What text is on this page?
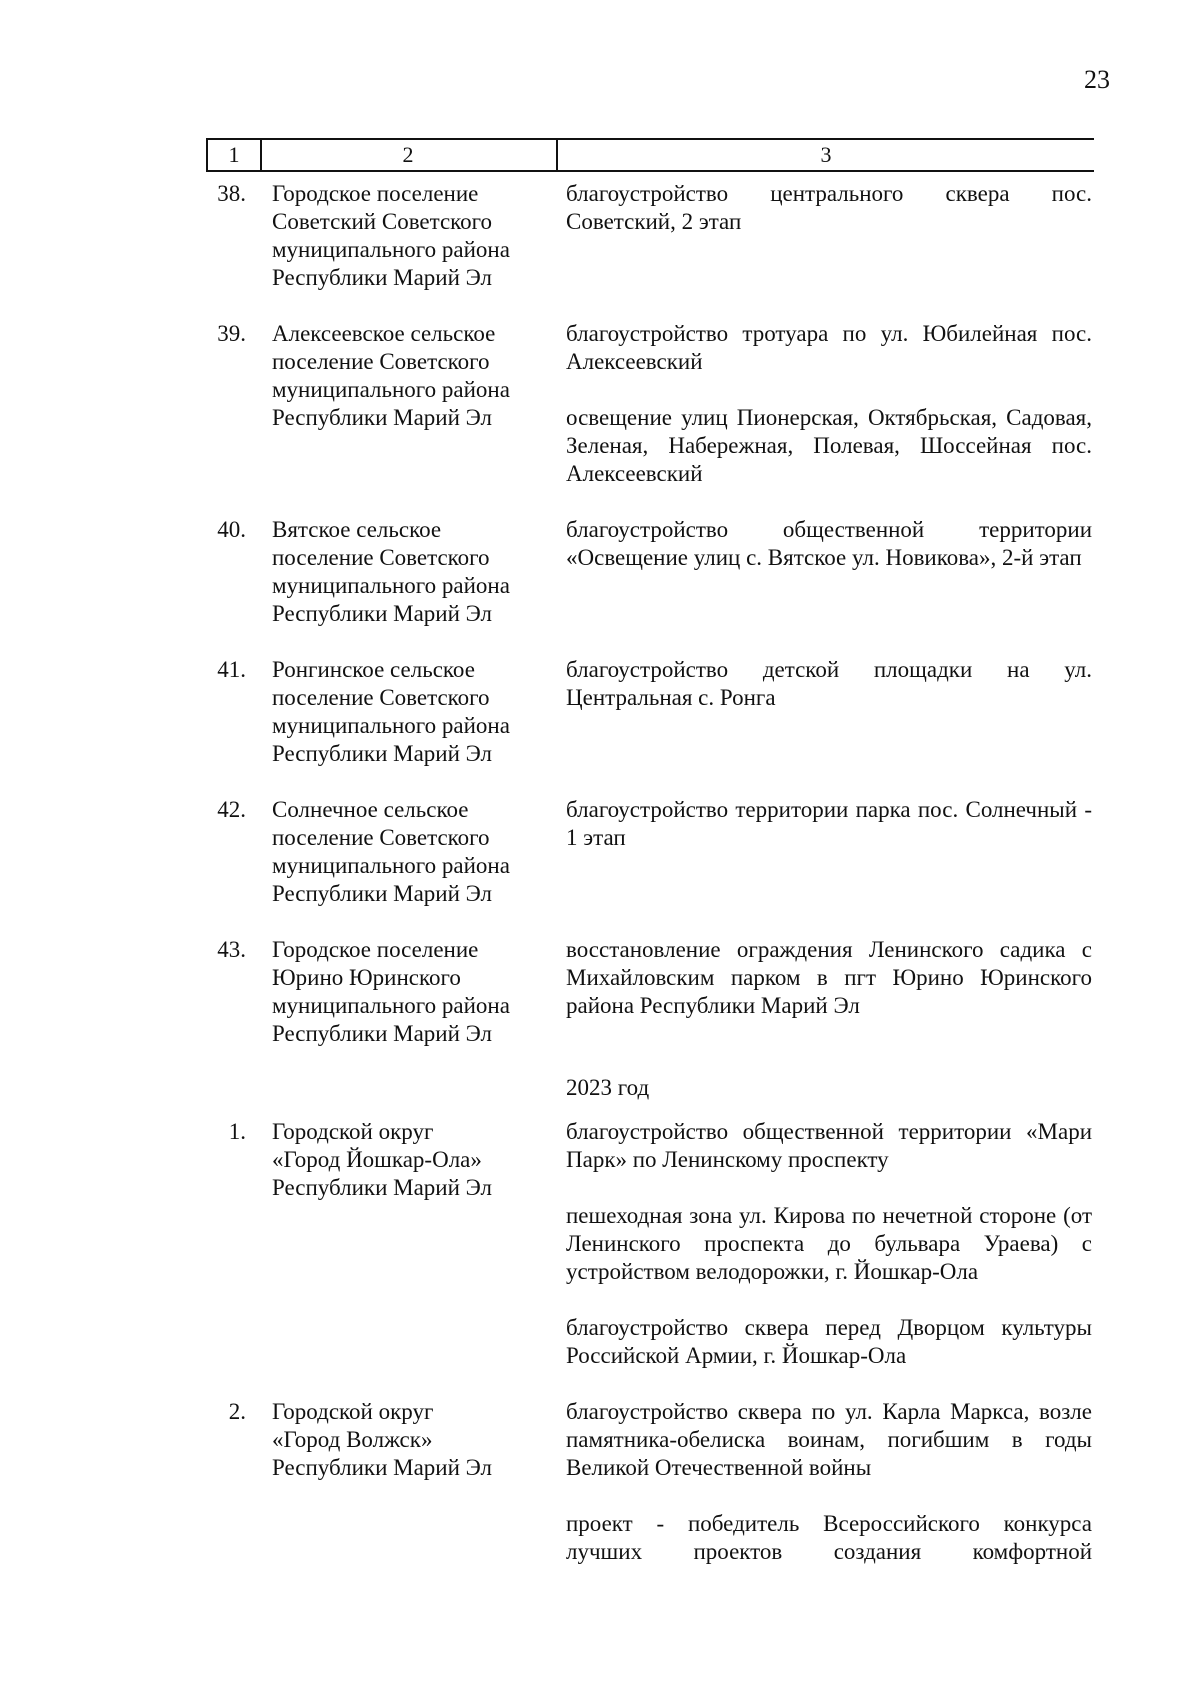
23
1	2	3
38. Городское поселение
Советский Советского
муниципального района
Республики Марий Эл
благоустройство центрального сквера пос. Советский, 2 этап
39. Алексеевское сельское
поселение Советского
муниципального района
Республики Марий Эл
благоустройство тротуара по ул. Юбилейная пос. Алексеевский
освещение улиц Пионерская, Октябрьская, Садовая, Зеленая, Набережная, Полевая, Шоссейная пос. Алексеевский
40. Вятское сельское
поселение Советского
муниципального района
Республики Марий Эл
благоустройство общественной территории «Освещение улиц с. Вятское ул. Новикова», 2-й этап
41. Ронгинское сельское
поселение Советского
муниципального района
Республики Марий Эл
благоустройство детской площадки на ул. Центральная с. Ронга
42. Солнечное сельское
поселение Советского
муниципального района
Республики Марий Эл
благоустройство территории парка пос. Солнечный - 1 этап
43. Городское поселение
Юрино Юринского
муниципального района
Республики Марий Эл
восстановление ограждения Ленинского садика с Михайловским парком в пгт Юрино Юринского района Республики Марий Эл
2023 год
1. Городской округ
«Город Йошкар-Ола»
Республики Марий Эл
благоустройство общественной территории «Мари Парк» по Ленинскому проспекту
пешеходная зона ул. Кирова по нечетной стороне (от Ленинского проспекта до бульвара Ураева) с устройством велодорожки, г. Йошкар-Ола
благоустройство сквера перед Дворцом культуры Российской Армии, г. Йошкар-Ола
2. Городской округ
«Город Волжск»
Республики Марий Эл
благоустройство сквера по ул. Карла Маркса, возле памятника-обелиска воинам, погибшим в годы Великой Отечественной войны
проект - победитель Всероссийского конкурса лучших проектов создания комфортной
